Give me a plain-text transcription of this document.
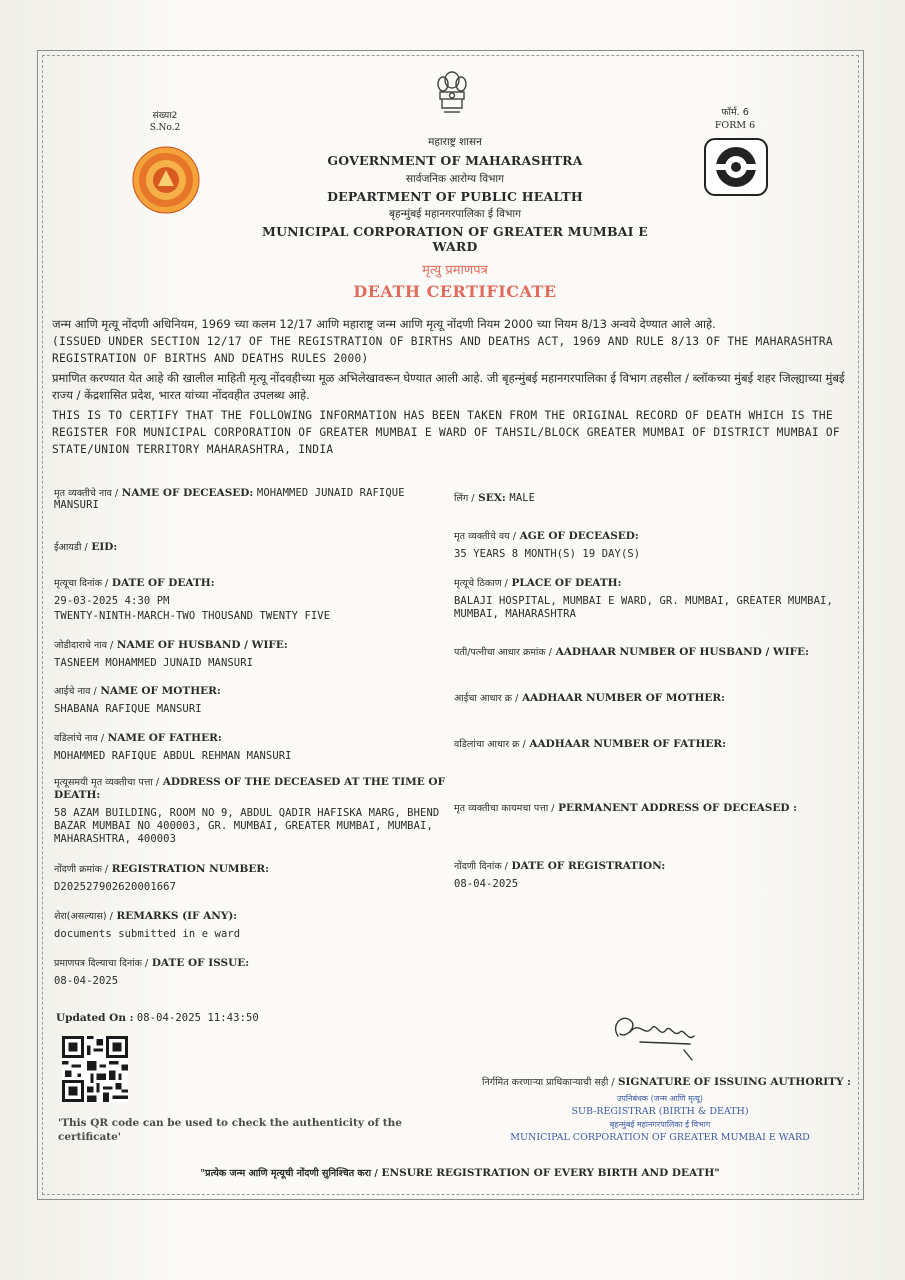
संख्या2
S.No.2
फॉर्म. 6
FORM 6
महाराष्ट्र शासन
GOVERNMENT OF MAHARASHTRA
सार्वजनिक आरोग्य विभाग
DEPARTMENT OF PUBLIC HEALTH
बृहन्मुंबई महानगरपालिका ई विभाग
MUNICIPAL CORPORATION OF GREATER MUMBAI E WARD
मृत्यु प्रमाणपत्र
DEATH CERTIFICATE
जन्म आणि मृत्यू नोंदणी अधिनियम, 1969 च्या कलम 12/17 आणि महाराष्ट्र जन्म आणि मृत्यू नोंदणी नियम 2000 च्या नियम 8/13 अन्वये देण्यात आले आहे.
(ISSUED UNDER SECTION 12/17 OF THE REGISTRATION OF BIRTHS AND DEATHS ACT, 1969 AND RULE 8/13 OF THE MAHARASHTRA REGISTRATION OF BIRTHS AND DEATHS RULES 2000)
प्रमाणित करण्यात येत आहे की खालील माहिती मृत्यू नोंदवहीच्या मूळ अभिलेखावरून घेण्यात आली आहे. जी बृहन्मुंबई महानगरपालिका ई विभाग तहसील / ब्लॉकच्या मुंबई शहर जिल्ह्याच्या मुंबई राज्य / केंद्रशासित प्रदेश, भारत यांच्या नोंदवहीत उपलब्ध आहे.
THIS IS TO CERTIFY THAT THE FOLLOWING INFORMATION HAS BEEN TAKEN FROM THE ORIGINAL RECORD OF DEATH WHICH IS THE REGISTER FOR MUNICIPAL CORPORATION OF GREATER MUMBAI E WARD OF TAHSIL/BLOCK GREATER MUMBAI OF DISTRICT MUMBAI OF STATE/UNION TERRITORY MAHARASHTRA, INDIA
मृत व्यक्तीचे नाव / NAME OF DECEASED: MOHAMMED JUNAID RAFIQUE MANSURI
ईआयडी / EID:
मृत्यूचा दिनांक / DATE OF DEATH:
29-03-2025 4:30 PM
TWENTY-NINTH-MARCH-TWO THOUSAND TWENTY FIVE
जोडीदाराचे नाव / NAME OF HUSBAND / WIFE:
TASNEEM MOHAMMED JUNAID MANSURI
आईचे नाव / NAME OF MOTHER:
SHABANA RAFIQUE MANSURI
वडिलांचे नाव / NAME OF FATHER:
MOHAMMED RAFIQUE ABDUL REHMAN MANSURI
मृत्यूसमयी मृत व्यक्तीचा पत्ता / ADDRESS OF THE DECEASED AT THE TIME OF DEATH:
58 AZAM BUILDING, ROOM NO 9, ABDUL QADIR HAFISKA MARG, BHEND BAZAR MUMBAI NO 400003, GR. MUMBAI, GREATER MUMBAI, MUMBAI, MAHARASHTRA, 400003
नोंदणी क्रमांक / REGISTRATION NUMBER:
D202527902620001667
शेरा(असल्यास) / REMARKS (IF ANY):
documents submitted in e ward
प्रमाणपत्र दिल्याचा दिनांक / DATE OF ISSUE:
08-04-2025
लिंग / SEX: MALE
मृत व्यक्तीचे वय / AGE OF DECEASED:
35 YEARS 8 MONTH(S) 19 DAY(S)
मृत्यूचे ठिकाण / PLACE OF DEATH:
BALAJI HOSPITAL, MUMBAI E WARD, GR. MUMBAI, GREATER MUMBAI, MUMBAI, MAHARASHTRA
पती/पत्नीचा आधार क्रमांक / AADHAAR NUMBER OF HUSBAND / WIFE:
आईचा आधार क्र / AADHAAR NUMBER OF MOTHER:
वडिलांचा आधार क्र / AADHAAR NUMBER OF FATHER:
मृत व्यक्तीचा कायमचा पत्ता / PERMANENT ADDRESS OF DECEASED :
नोंदणी दिनांक / DATE OF REGISTRATION:
08-04-2025
Updated On : 08-04-2025 11:43:50
'This QR code can be used to check the authenticity of the certificate'
निर्गमित करणाऱ्या प्राधिकाऱ्याची सही / SIGNATURE OF ISSUING AUTHORITY :
उपनिबंधक (जन्म आणि मृत्यू)
SUB-REGISTRAR (BIRTH & DEATH)
बृहन्मुंबई महानगरपालिका ई विभाग
MUNICIPAL CORPORATION OF GREATER MUMBAI E WARD
"प्रत्येक जन्म आणि मृत्यूची नोंदणी सुनिश्चित करा / ENSURE REGISTRATION OF EVERY BIRTH AND DEATH"
